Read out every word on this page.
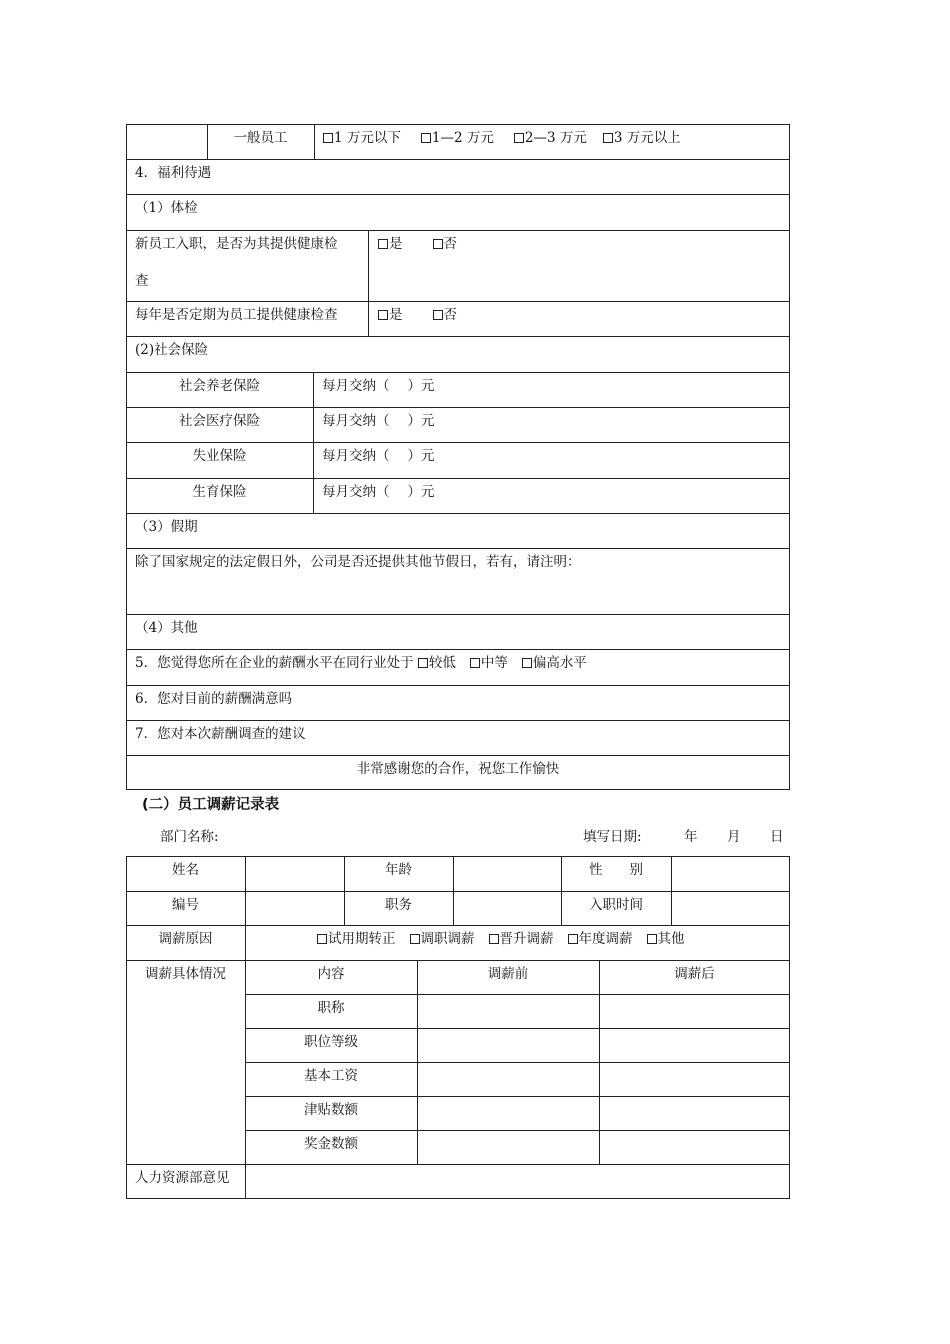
一般员工	1 万元以下 1—2 万元 2—3 万元 3 万元以上
4．福利待遇
（1）体检
新员工入职，是否为其提供健康检
查
是	否
每年是否定期为员工提供健康检查	是	否
(2)社会保险
社会养老保险	每月交纳（ ）元
社会医疗保险	每月交纳（ ）元
失业保险	每月交纳（ ）元
生育保险	每月交纳（ ）元
（3）假期
除了国家规定的法定假日外，公司是否还提供其他节假日，若有，请注明：
（4）其他
5．您觉得您所在企业的薪酬水平在同行业处于 较低 中等 偏高水平
6．您对目前的薪酬满意吗
7．您对本次薪酬调查的建议
非常感谢您的合作，祝您工作愉快
(二）员工调薪记录表
部门名称:	填写日期:	年 月 日
姓名	年龄	性　　别
编号	职务	入职时间
调薪原因	试用期转正 调职调薪 晋升调薪 年度调薪 其他
调薪具体情况	内容	调薪前	调薪后
职称
职位等级
基本工资
津贴数额
奖金数额
人力资源部意见
